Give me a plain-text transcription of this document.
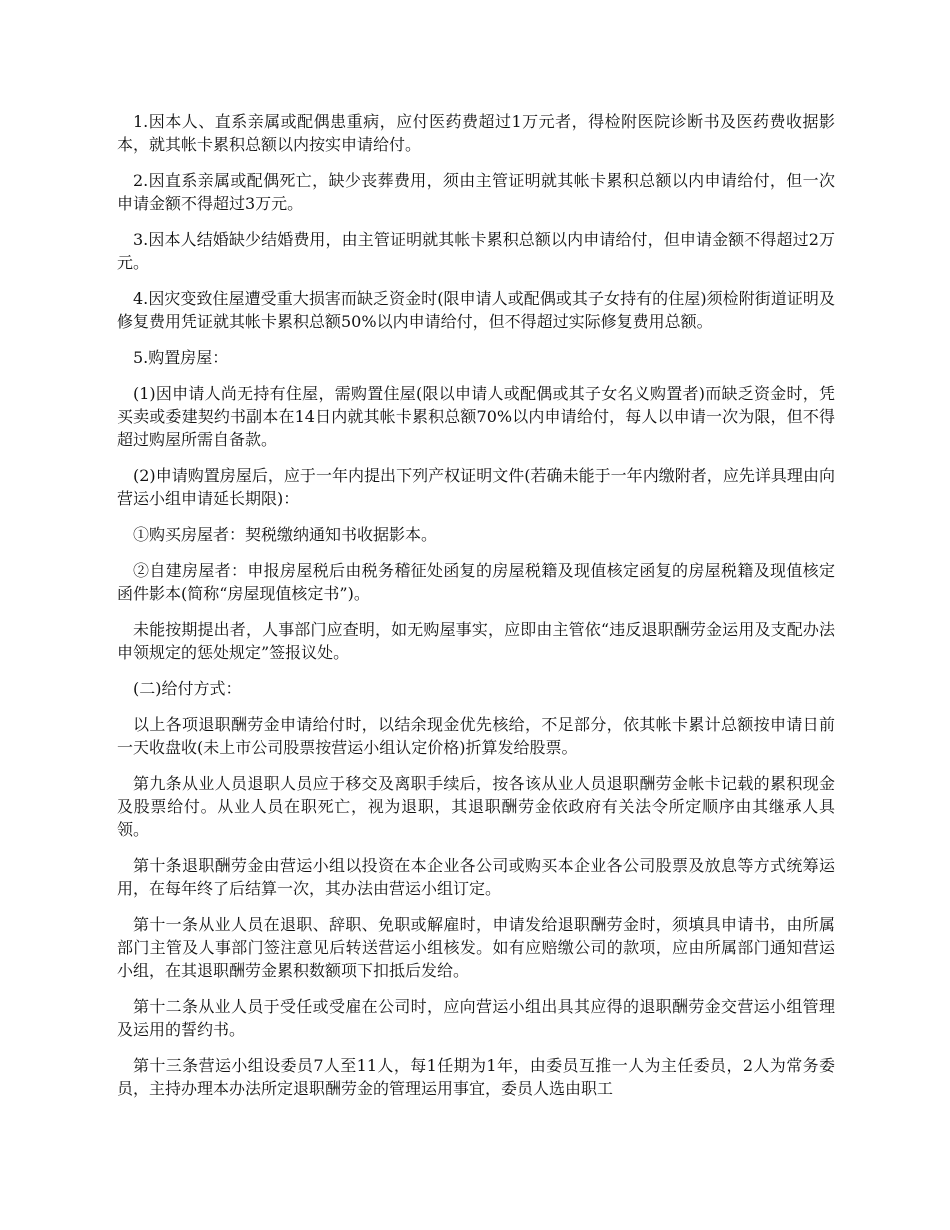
1.因本人、直系亲属或配偶患重病，应付医药费超过1万元者，得检附医院诊断书及医药费收据影本，就其帐卡累积总额以内按实申请给付。

2.因直系亲属或配偶死亡，缺少丧葬费用，须由主管证明就其帐卡累积总额以内申请给付，但一次申请金额不得超过3万元。

3.因本人结婚缺少结婚费用，由主管证明就其帐卡累积总额以内申请给付，但申请金额不得超过2万元。

4.因灾变致住屋遭受重大损害而缺乏资金时(限申请人或配偶或其子女持有的住屋)须检附街道证明及修复费用凭证就其帐卡累积总额50%以内申请给付，但不得超过实际修复费用总额。

5.购置房屋：

(1)因申请人尚无持有住屋，需购置住屋(限以申请人或配偶或其子女名义购置者)而缺乏资金时，凭买卖或委建契约书副本在14日内就其帐卡累积总额70%以内申请给付，每人以申请一次为限，但不得超过购屋所需自备款。

(2)申请购置房屋后，应于一年内提出下列产权证明文件(若确未能于一年内缴附者，应先详具理由向营运小组申请延长期限)：

①购买房屋者：契税缴纳通知书收据影本。

②自建房屋者：申报房屋税后由税务稽征处函复的房屋税籍及现值核定函复的房屋税籍及现值核定函件影本(简称“房屋现值核定书”)。

未能按期提出者，人事部门应查明，如无购屋事实，应即由主管依“违反退职酬劳金运用及支配办法申领规定的惩处规定”签报议处。

(二)给付方式：

以上各项退职酬劳金申请给付时，以结余现金优先核给，不足部分，依其帐卡累计总额按申请日前一天收盘收(未上市公司股票按营运小组认定价格)折算发给股票。

第九条从业人员退职人员应于移交及离职手续后，按各该从业人员退职酬劳金帐卡记载的累积现金及股票给付。从业人员在职死亡，视为退职，其退职酬劳金依政府有关法令所定顺序由其继承人具领。

第十条退职酬劳金由营运小组以投资在本企业各公司或购买本企业各公司股票及放息等方式统筹运用，在每年终了后结算一次，其办法由营运小组订定。

第十一条从业人员在退职、辞职、免职或解雇时，申请发给退职酬劳金时，须填具申请书，由所属部门主管及人事部门签注意见后转送营运小组核发。如有应赔缴公司的款项，应由所属部门通知营运小组，在其退职酬劳金累积数额项下扣抵后发给。

第十二条从业人员于受任或受雇在公司时，应向营运小组出具其应得的退职酬劳金交营运小组管理及运用的誓约书。

第十三条营运小组设委员7人至11人，每1任期为1年，由委员互推一人为主任委员，2人为常务委员，主持办理本办法所定退职酬劳金的管理运用事宜，委员人选由职工
